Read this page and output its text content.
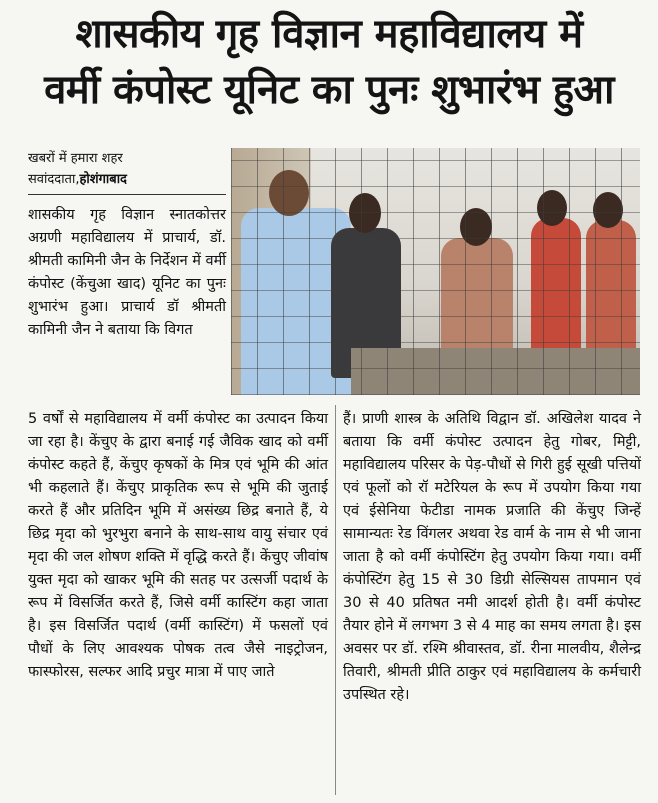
शासकीय गृह विज्ञान महाविद्यालय में
वर्मी कंपोस्ट यूनिट का पुनः शुभारंभ हुआ
खबरों में हमारा शहर
सवांददाता,होशंगाबाद
शासकीय गृह विज्ञान स्नातकोत्तर अग्रणी महाविद्यालय में प्राचार्य, डॉ. श्रीमती कामिनी जैन के निर्देशन में वर्मी कंपोस्ट (केंचुआ खाद) यूनिट का पुनः शुभारंभ हुआ। प्राचार्य डॉ श्रीमती कामिनी जैन ने बताया कि विगत
5 वर्षों से महाविद्यालय में वर्मी कंपोस्ट का उत्पादन किया जा रहा है। केंचुए के द्वारा बनाई गई जैविक खाद को वर्मी कंपोस्ट कहते हैं, केंचुए कृषकों के मित्र एवं भूमि की आंत भी कहलाते हैं। केंचुए प्राकृतिक रूप से भूमि की जुताई करते हैं और प्रतिदिन भूमि में असंख्य छिद्र बनाते हैं, ये छिद्र मृदा को भुरभुरा बनाने के साथ-साथ वायु संचार एवं मृदा की जल शोषण शक्ति में वृद्धि करते हैं। केंचुए जीवांष युक्त मृदा को खाकर भूमि की सतह पर उत्सर्जी पदार्थ के रूप में विसर्जित करते हैं, जिसे वर्मी कास्टिंग कहा जाता है। इस विसर्जित पदार्थ (वर्मी कास्टिंग) में फसलों एवं पौधों के लिए आवश्यक पोषक तत्व जैसे नाइट्रोजन, फास्फोरस, सल्फर आदि प्रचुर मात्रा में पाए जाते
हैं। प्राणी शास्त्र के अतिथि विद्वान डॉ. अखिलेश यादव ने बताया कि वर्मी कंपोस्ट उत्पादन हेतु गोबर, मिट्टी, महाविद्यालय परिसर के पेड़-पौधों से गिरी हुई सूखी पत्तियों एवं फूलों को रॉ मटेरियल के रूप में उपयोग किया गया एवं ईसेनिया फेटीडा नामक प्रजाति की केंचुए जिन्हें सामान्यतः रेड विंगलर अथवा रेड वार्म के नाम से भी जाना जाता है को वर्मी कंपोस्टिंग हेतु उपयोग किया गया। वर्मी कंपोस्टिंग हेतु 15 से 30 डिग्री सेल्सियस तापमान एवं 30 से 40 प्रतिषत नमी आदर्श होती है। वर्मी कंपोस्ट तैयार होने में लगभग 3 से 4 माह का समय लगता है। इस अवसर पर डॉ. रश्मि श्रीवास्तव, डॉ. रीना मालवीय, शैलेन्द्र तिवारी, श्रीमती प्रीति ठाकुर एवं महाविद्यालय के कर्मचारी उपस्थित रहे।
